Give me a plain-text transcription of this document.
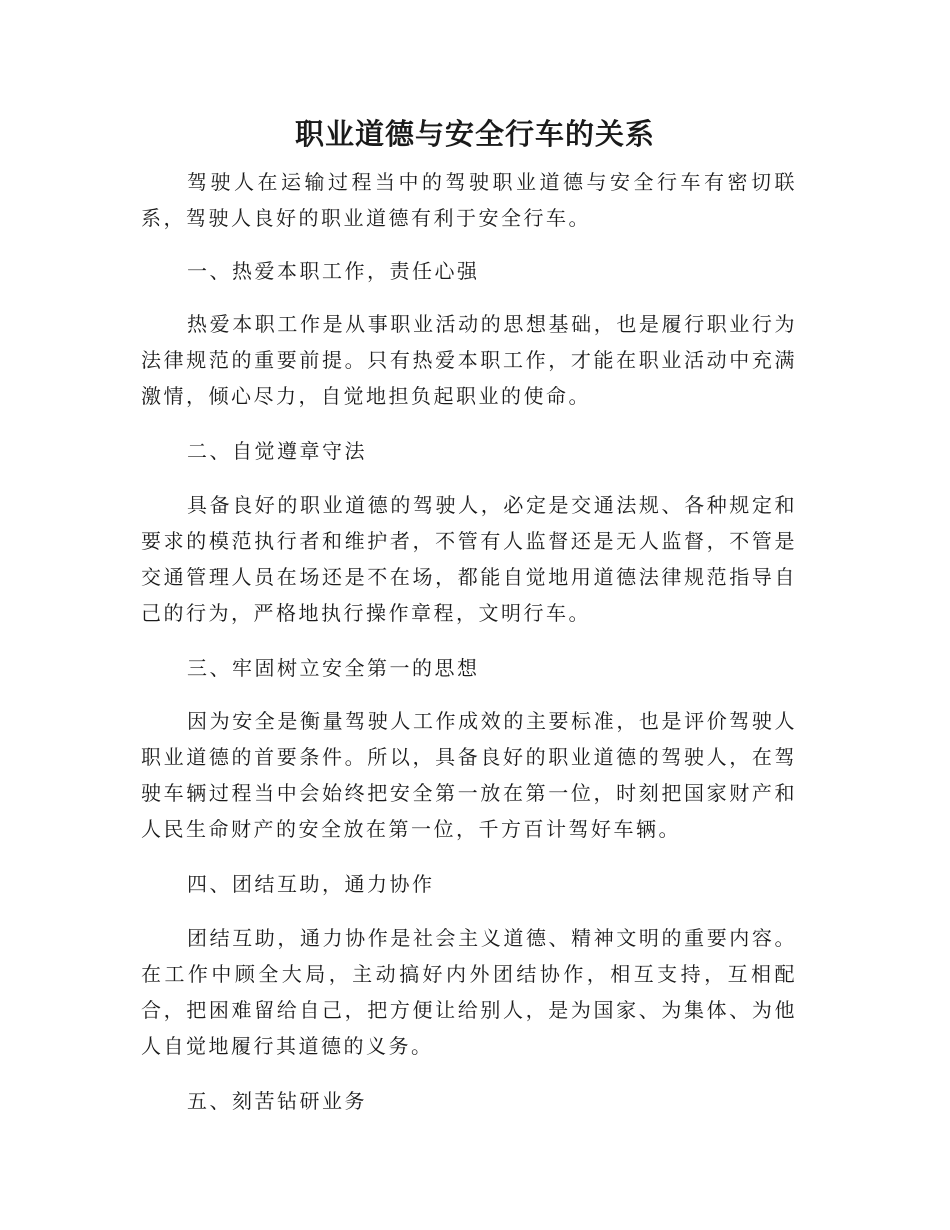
职业道德与安全行车的关系

驾驶人在运输过程当中的驾驶职业道德与安全行车有密切联系，驾驶人良好的职业道德有利于安全行车。

一、热爱本职工作，责任心强

热爱本职工作是从事职业活动的思想基础，也是履行职业行为法律规范的重要前提。只有热爱本职工作，才能在职业活动中充满激情，倾心尽力，自觉地担负起职业的使命。

二、自觉遵章守法

具备良好的职业道德的驾驶人，必定是交通法规、各种规定和要求的模范执行者和维护者，不管有人监督还是无人监督，不管是交通管理人员在场还是不在场，都能自觉地用道德法律规范指导自己的行为，严格地执行操作章程，文明行车。

三、牢固树立安全第一的思想

因为安全是衡量驾驶人工作成效的主要标准，也是评价驾驶人职业道德的首要条件。所以，具备良好的职业道德的驾驶人，在驾驶车辆过程当中会始终把安全第一放在第一位，时刻把国家财产和人民生命财产的安全放在第一位，千方百计驾好车辆。

四、团结互助，通力协作

团结互助，通力协作是社会主义道德、精神文明的重要内容。在工作中顾全大局，主动搞好内外团结协作，相互支持，互相配合，把困难留给自己，把方便让给别人，是为国家、为集体、为他人自觉地履行其道德的义务。

五、刻苦钻研业务
